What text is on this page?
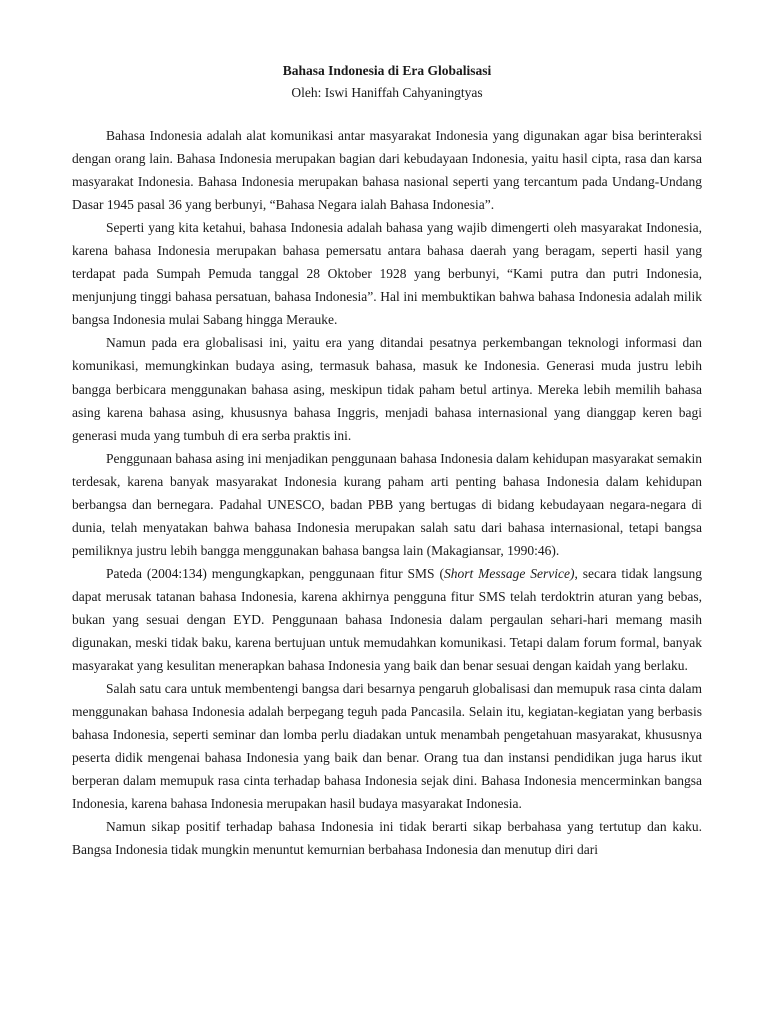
Bahasa Indonesia di Era Globalisasi

Oleh: Iswi Haniffah Cahyaningtyas

Bahasa Indonesia adalah alat komunikasi antar masyarakat Indonesia yang digunakan agar bisa berinteraksi dengan orang lain. Bahasa Indonesia merupakan bagian dari kebudayaan Indonesia, yaitu hasil cipta, rasa dan karsa masyarakat Indonesia. Bahasa Indonesia merupakan bahasa nasional seperti yang tercantum pada Undang-Undang Dasar 1945 pasal 36 yang berbunyi, “Bahasa Negara ialah Bahasa Indonesia”.

Seperti yang kita ketahui, bahasa Indonesia adalah bahasa yang wajib dimengerti oleh masyarakat Indonesia, karena bahasa Indonesia merupakan bahasa pemersatu antara bahasa daerah yang beragam, seperti hasil yang terdapat pada Sumpah Pemuda tanggal 28 Oktober 1928 yang berbunyi, “Kami putra dan putri Indonesia, menjunjung tinggi bahasa persatuan, bahasa Indonesia”. Hal ini membuktikan bahwa bahasa Indonesia adalah milik bangsa Indonesia mulai Sabang hingga Merauke.

Namun pada era globalisasi ini, yaitu era yang ditandai pesatnya perkembangan teknologi informasi dan komunikasi, memungkinkan budaya asing, termasuk bahasa, masuk ke Indonesia. Generasi muda justru lebih bangga berbicara menggunakan bahasa asing, meskipun tidak paham betul artinya. Mereka lebih memilih bahasa asing karena bahasa asing, khususnya bahasa Inggris, menjadi bahasa internasional yang dianggap keren bagi generasi muda yang tumbuh di era serba praktis ini.

Penggunaan bahasa asing ini menjadikan penggunaan bahasa Indonesia dalam kehidupan masyarakat semakin terdesak, karena banyak masyarakat Indonesia kurang paham arti penting bahasa Indonesia dalam kehidupan berbangsa dan bernegara. Padahal UNESCO, badan PBB yang bertugas di bidang kebudayaan negara-negara di dunia, telah menyatakan bahwa bahasa Indonesia merupakan salah satu dari bahasa internasional, tetapi bangsa pemiliknya justru lebih bangga menggunakan bahasa bangsa lain (Makagiansar, 1990:46).

Pateda (2004:134) mengungkapkan, penggunaan fitur SMS (Short Message Service), secara tidak langsung dapat merusak tatanan bahasa Indonesia, karena akhirnya pengguna fitur SMS telah terdoktrin aturan yang bebas, bukan yang sesuai dengan EYD. Penggunaan bahasa Indonesia dalam pergaulan sehari-hari memang masih digunakan, meski tidak baku, karena bertujuan untuk memudahkan komunikasi. Tetapi dalam forum formal, banyak masyarakat yang kesulitan menerapkan bahasa Indonesia yang baik dan benar sesuai dengan kaidah yang berlaku.

Salah satu cara untuk membentengi bangsa dari besarnya pengaruh globalisasi dan memupuk rasa cinta dalam menggunakan bahasa Indonesia adalah berpegang teguh pada Pancasila. Selain itu, kegiatan-kegiatan yang berbasis bahasa Indonesia, seperti seminar dan lomba perlu diadakan untuk menambah pengetahuan masyarakat, khususnya peserta didik mengenai bahasa Indonesia yang baik dan benar. Orang tua dan instansi pendidikan juga harus ikut berperan dalam memupuk rasa cinta terhadap bahasa Indonesia sejak dini. Bahasa Indonesia mencerminkan bangsa Indonesia, karena bahasa Indonesia merupakan hasil budaya masyarakat Indonesia.

Namun sikap positif terhadap bahasa Indonesia ini tidak berarti sikap berbahasa yang tertutup dan kaku. Bangsa Indonesia tidak mungkin menuntut kemurnian berbahasa Indonesia dan menutup diri dari
